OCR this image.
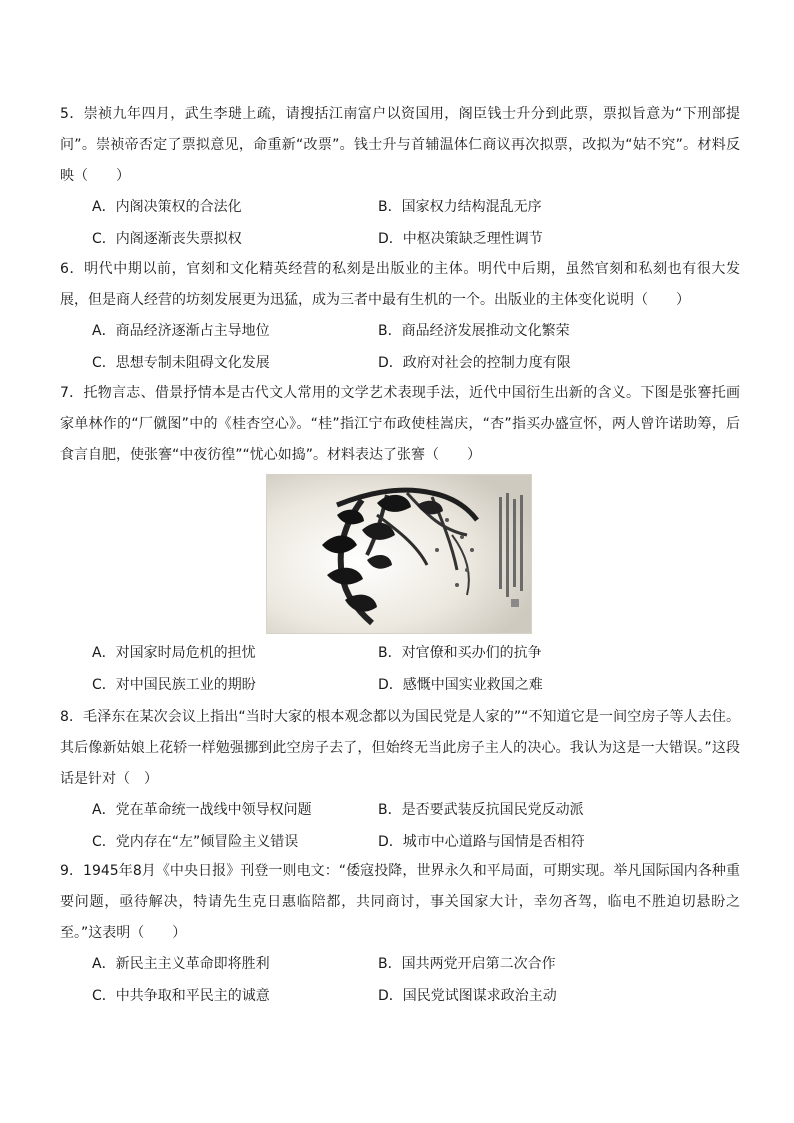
5．崇祯九年四月，武生李琎上疏，请搜括江南富户以资国用，阁臣钱士升分到此票，票拟旨意为“下刑部提问”。崇祯帝否定了票拟意见，命重新“改票”。钱士升与首辅温体仁商议再次拟票，改拟为“姑不究”。材料反映（　　）
A．内阁决策权的合法化	B．国家权力结构混乱无序
C．内阁逐渐丧失票拟权	D．中枢决策缺乏理性调节
6．明代中期以前，官刻和文化精英经营的私刻是出版业的主体。明代中后期，虽然官刻和私刻也有很大发展，但是商人经营的坊刻发展更为迅猛，成为三者中最有生机的一个。出版业的主体变化说明（　　）
A．商品经济逐渐占主导地位	B．商品经济发展推动文化繁荣
C．思想专制未阻碍文化发展	D．政府对社会的控制力度有限
7．托物言志、借景抒情本是古代文人常用的文学艺术表现手法，近代中国衍生出新的含义。下图是张謇托画家单林作的“厂僦图”中的《桂杏空心》。“桂”指江宁布政使桂嵩庆，“杏”指买办盛宣怀，两人曾许诺助筹，后食言自肥，使张謇“中夜彷徨”“忧心如捣”。材料表达了张謇（　　）
A．对国家时局危机的担忧	B．对官僚和买办们的抗争
C．对中国民族工业的期盼	D．感慨中国实业救国之难
8．毛泽东在某次会议上指出“当时大家的根本观念都以为国民党是人家的”“不知道它是一间空房子等人去住。其后像新姑娘上花轿一样勉强挪到此空房子去了，但始终无当此房子主人的决心。我认为这是一大错误。”这段话是针对（　）
A．党在革命统一战线中领导权问题	B．是否要武装反抗国民党反动派
C．党内存在“左”倾冒险主义错误	D．城市中心道路与国情是否相符
9．1945年8月《中央日报》刊登一则电文：“倭寇投降，世界永久和平局面，可期实现。举凡国际国内各种重要问题，亟待解决，特请先生克日惠临陪都，共同商讨，事关国家大计，幸勿吝驾，临电不胜迫切悬盼之至。”这表明（　　）
A．新民主主义革命即将胜利	B．国共两党开启第二次合作
C．中共争取和平民主的诚意	D．国民党试图谋求政治主动
